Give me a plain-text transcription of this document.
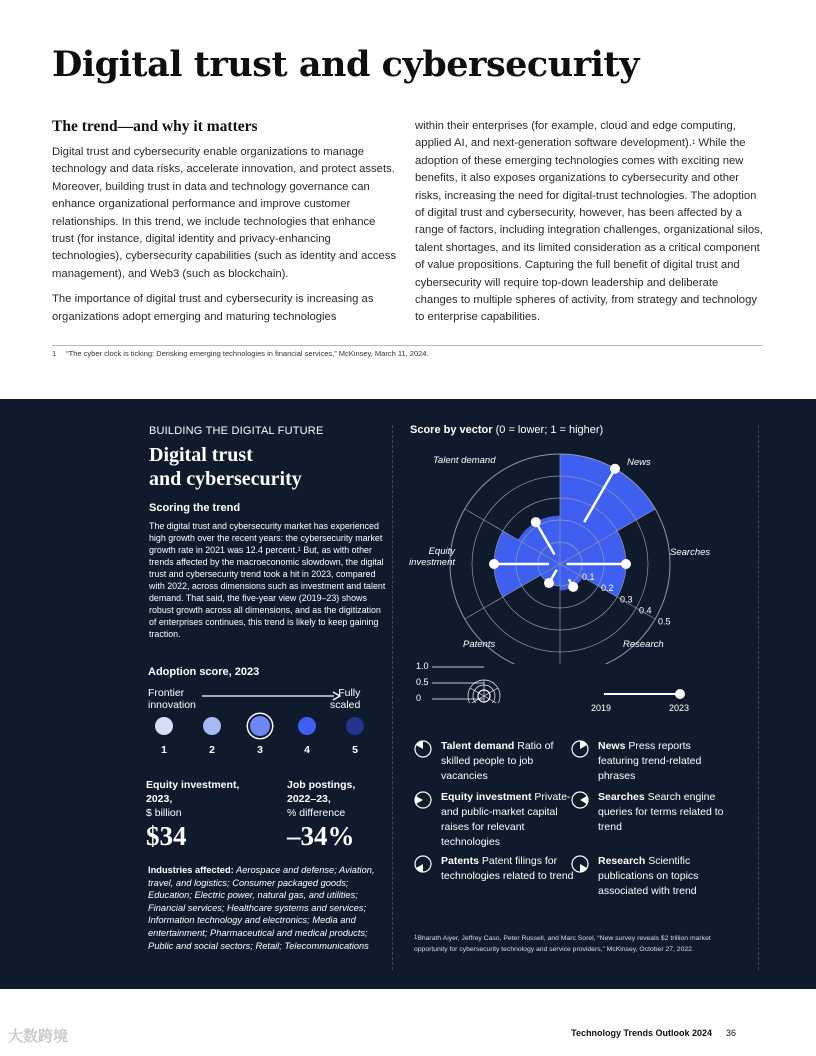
Digital trust and cybersecurity
The trend—and why it matters

Digital trust and cybersecurity enable organizations to manage technology and data risks, accelerate innovation, and protect assets. Moreover, building trust in data and technology governance can enhance organizational performance and improve customer relationships. In this trend, we include technologies that enhance trust (for instance, digital identity and privacy-enhancing technologies), cybersecurity capabilities (such as identity and access management), and Web3 (such as blockchain).

The importance of digital trust and cybersecurity is increasing as organizations adopt emerging and maturing technologies

within their enterprises (for example, cloud and edge computing, applied AI, and next-generation software development).$^1$ While the adoption of these emerging technologies comes with exciting new benefits, it also exposes organizations to cybersecurity and other risks, increasing the need for digital-trust technologies. The adoption of digital trust and cybersecurity, however, has been affected by a range of factors, including integration challenges, organizational silos, talent shortages, and its limited consideration as a critical component of value propositions. Capturing the full benefit of digital trust and cybersecurity will require top-down leadership and deliberate changes to multiple spheres of activity, from strategy and technology to enterprise capabilities.

1 “The cyber clock is ticking: Derisking emerging technologies in financial services,” McKinsey, March 11, 2024.
BUILDING THE DIGITAL FUTURE
Digital trust
and cybersecurity
Scoring the trend
The digital trust and cybersecurity market has experienced high growth over the recent years: the cybersecurity market growth rate in 2021 was 12.4 percent.$^1$ But, as with other trends affected by the macroeconomic slowdown, the digital trust and cybersecurity trend took a hit in 2023, compared with 2022, across dimensions such as investment and talent demand. That said, the five-year view (2019–23) shows robust growth across all dimensions, and as the digitization of enterprises continues, this trend is likely to keep gaining traction.
Adoption score, 2023
Frontier
innovation
Fully
scaled
1	2	3	4	5
Equity investment,
2023,
$ billion
$34
Job postings,
2022–23,
% difference
–34%
Industries affected: Aerospace and defense; Aviation, travel, and logistics; Consumer packaged goods; Education; Electric power, natural gas, and utilities; Financial services; Healthcare systems and services; Information technology and electronics; Media and entertainment; Pharmaceutical and medical products; Public and social sectors; Retail; Telecommunications
Score by vector (0 = lower; 1 = higher)
0.1
0.2
0.3
0.4
0.5
News
Searches
Research
Patents
Equity investment
Talent demand
1.0
0.5
0
2019	2023
Talent demand Ratio of skilled people to job vacancies
Equity investment Private- and public-market capital raises for relevant technologies
Patents Patent filings for technologies related to trend
News Press reports featuring trend-related phrases
Searches Search engine queries for terms related to trend
Research Scientific publications on topics associated with trend
$^1$Bharath Aiyer, Jeffrey Caso, Peter Russell, and Marc Sorel, “New survey reveals $2 trillion market opportunity for cybersecurity technology and service providers,” McKinsey, October 27, 2022.
Technology Trends Outlook 2024 36
大数跨境
